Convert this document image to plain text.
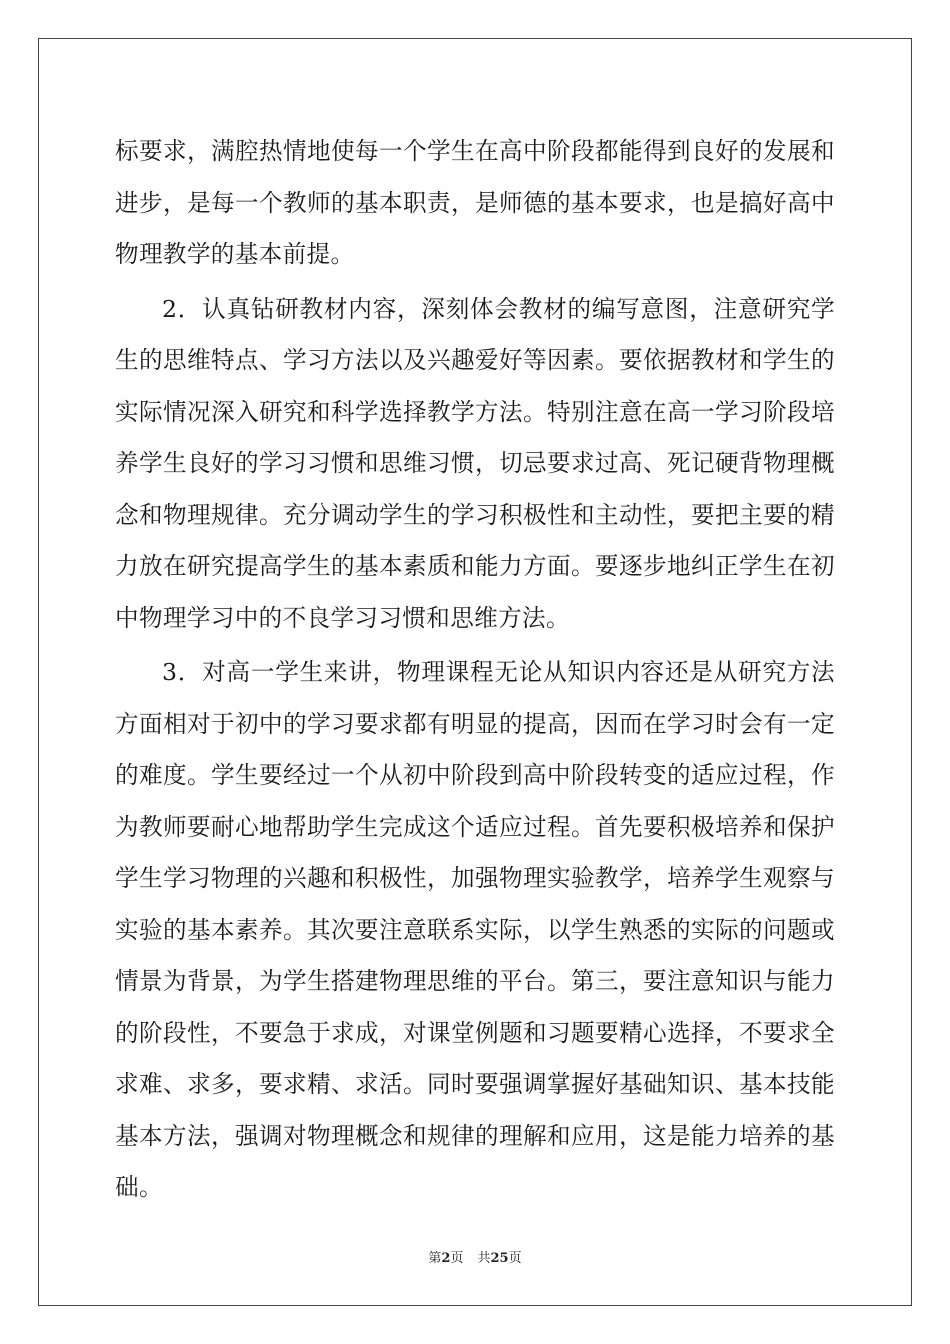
标要求，满腔热情地使每一个学生在高中阶段都能得到良好的发展和
进步，是每一个教师的基本职责，是师德的基本要求，也是搞好高中
物理教学的基本前提。
2．认真钻研教材内容，深刻体会教材的编写意图，注意研究学
生的思维特点、学习方法以及兴趣爱好等因素。要依据教材和学生的
实际情况深入研究和科学选择教学方法。特别注意在高一学习阶段培
养学生良好的学习习惯和思维习惯，切忌要求过高、死记硬背物理概
念和物理规律。充分调动学生的学习积极性和主动性，要把主要的精
力放在研究提高学生的基本素质和能力方面。要逐步地纠正学生在初
中物理学习中的不良学习习惯和思维方法。
3．对高一学生来讲，物理课程无论从知识内容还是从研究方法
方面相对于初中的学习要求都有明显的提高，因而在学习时会有一定
的难度。学生要经过一个从初中阶段到高中阶段转变的适应过程，作
为教师要耐心地帮助学生完成这个适应过程。首先要积极培养和保护
学生学习物理的兴趣和积极性，加强物理实验教学，培养学生观察与
实验的基本素养。其次要注意联系实际，以学生熟悉的实际的问题或
情景为背景，为学生搭建物理思维的平台。第三，要注意知识与能力
的阶段性，不要急于求成，对课堂例题和习题要精心选择，不要求全
求难、求多，要求精、求活。同时要强调掌握好基础知识、基本技能
基本方法，强调对物理概念和规律的理解和应用，这是能力培养的基
础。
第2页 共25页
